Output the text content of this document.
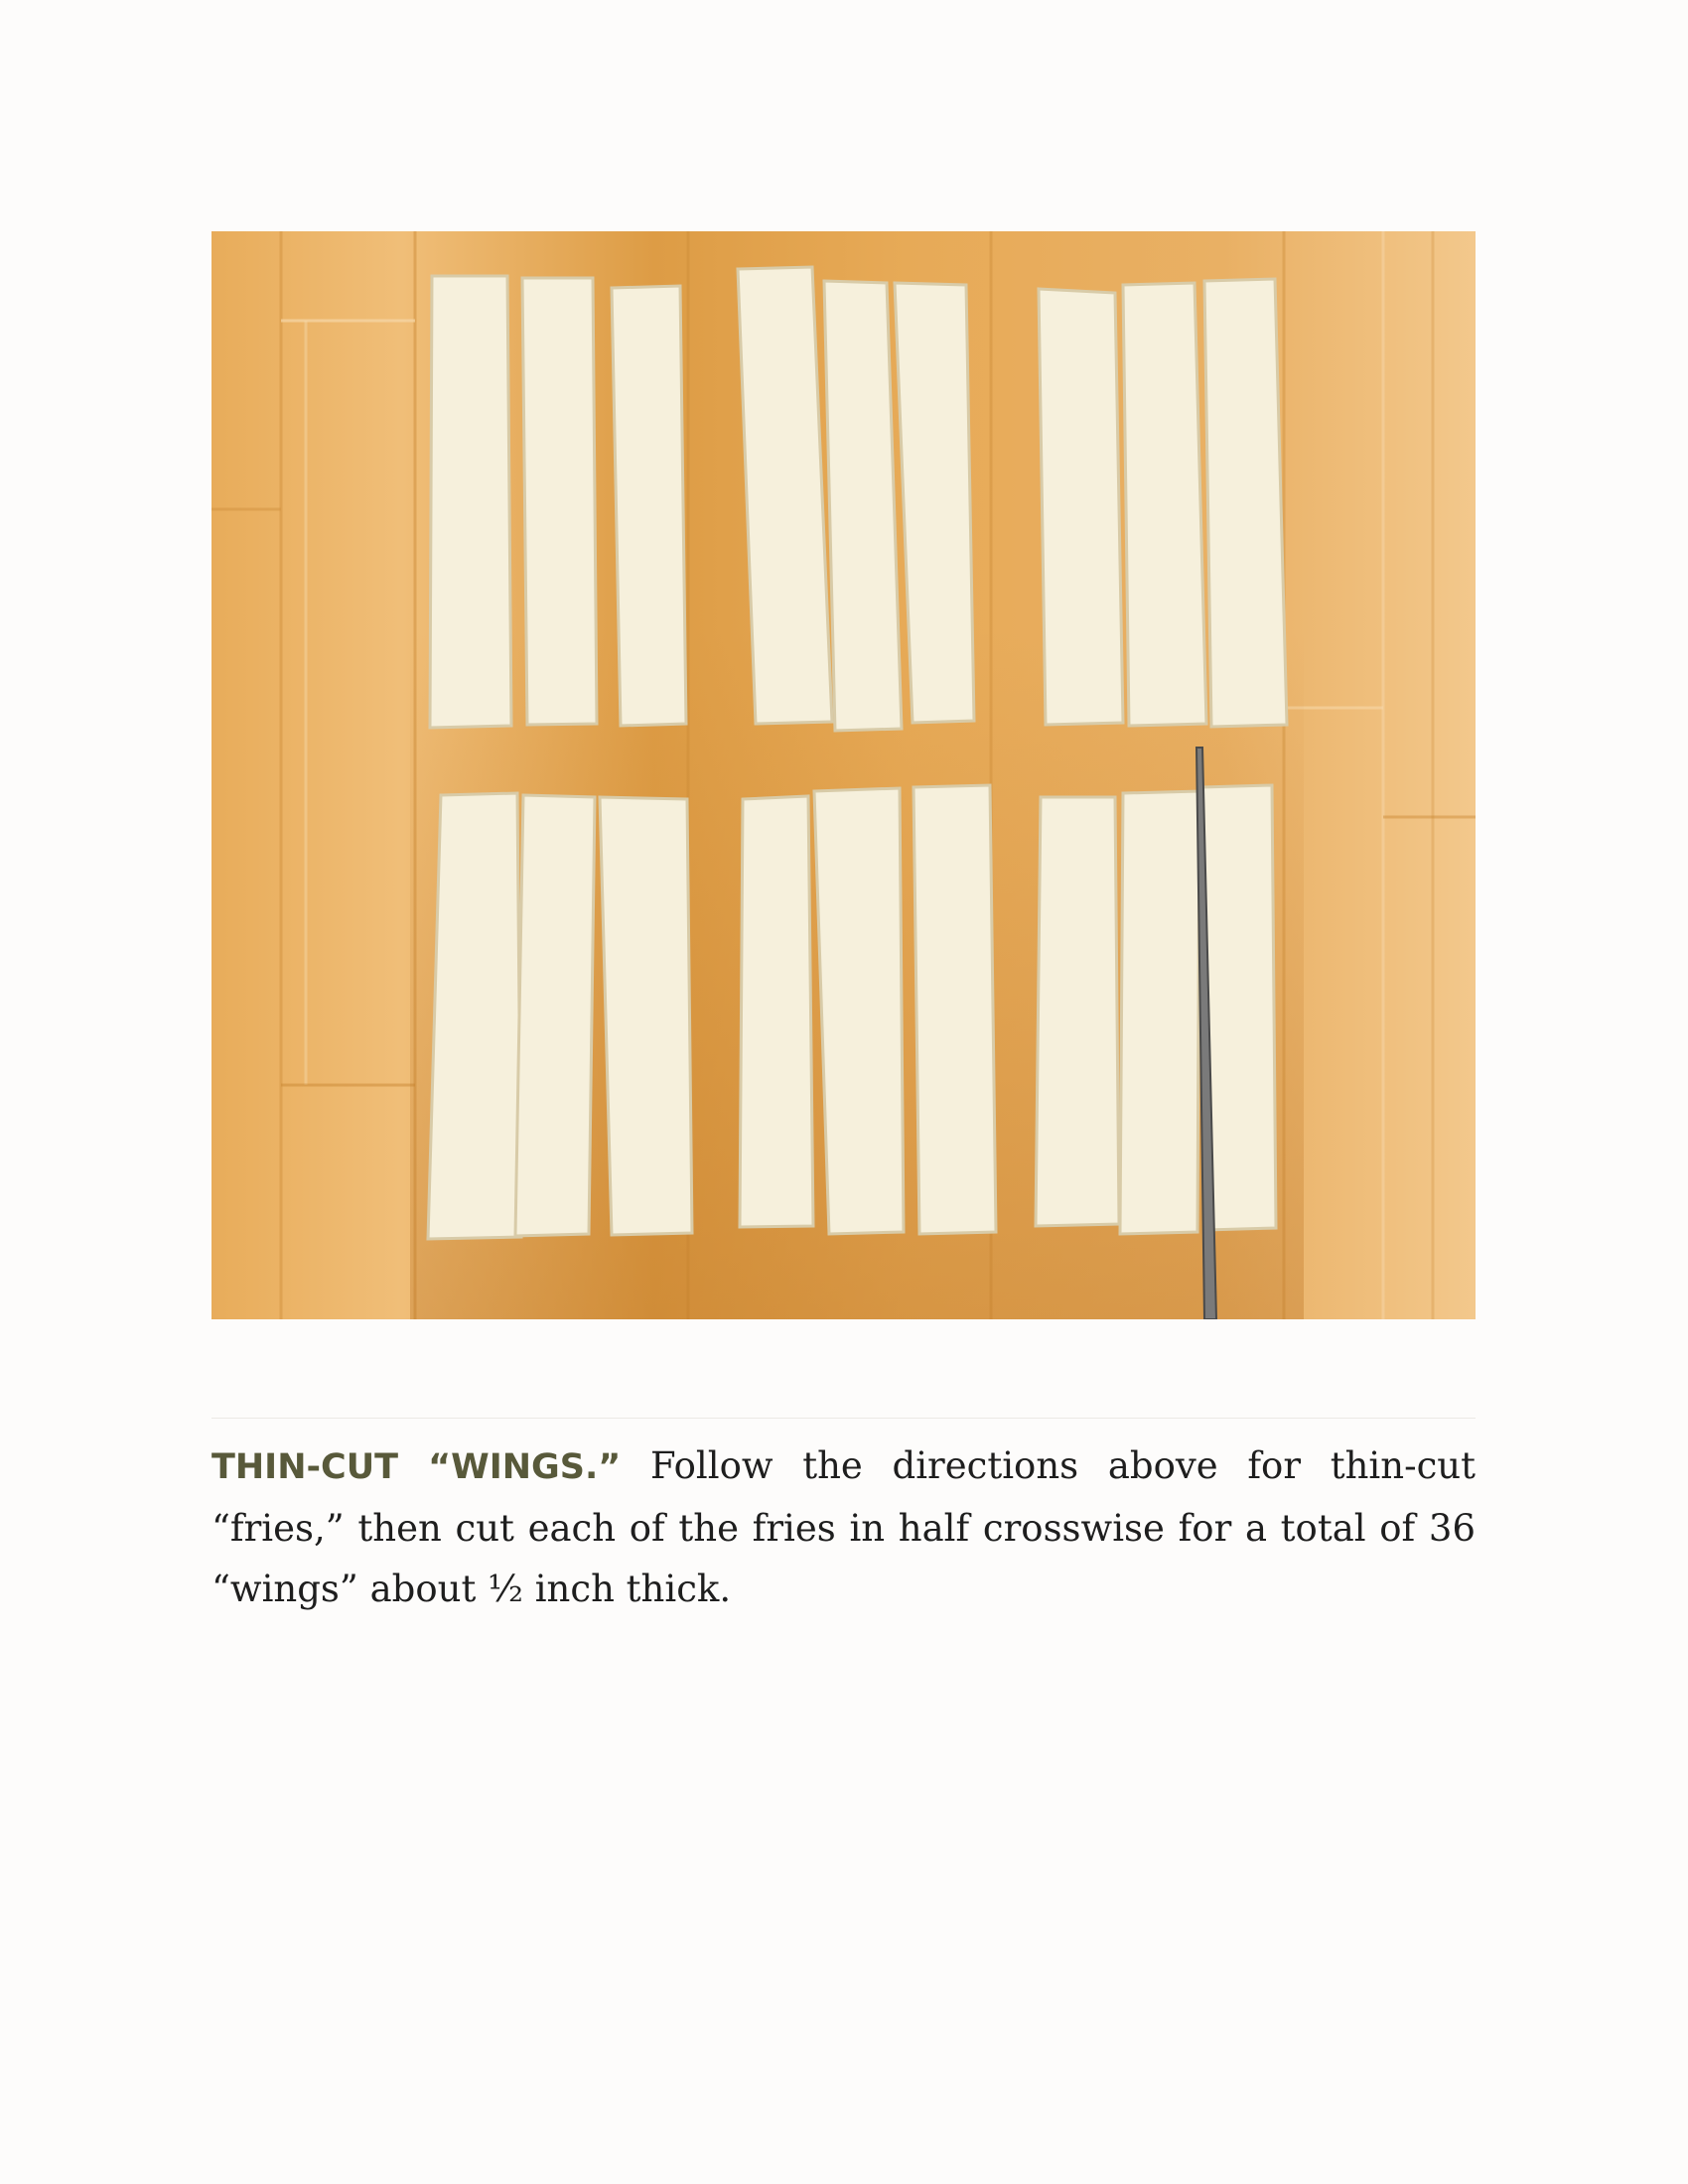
THIN-CUT “WINGS.” Follow the directions above for thin-cut “fries,” then cut each of the fries in half crosswise for a total of 36 “wings” about ½ inch thick.
